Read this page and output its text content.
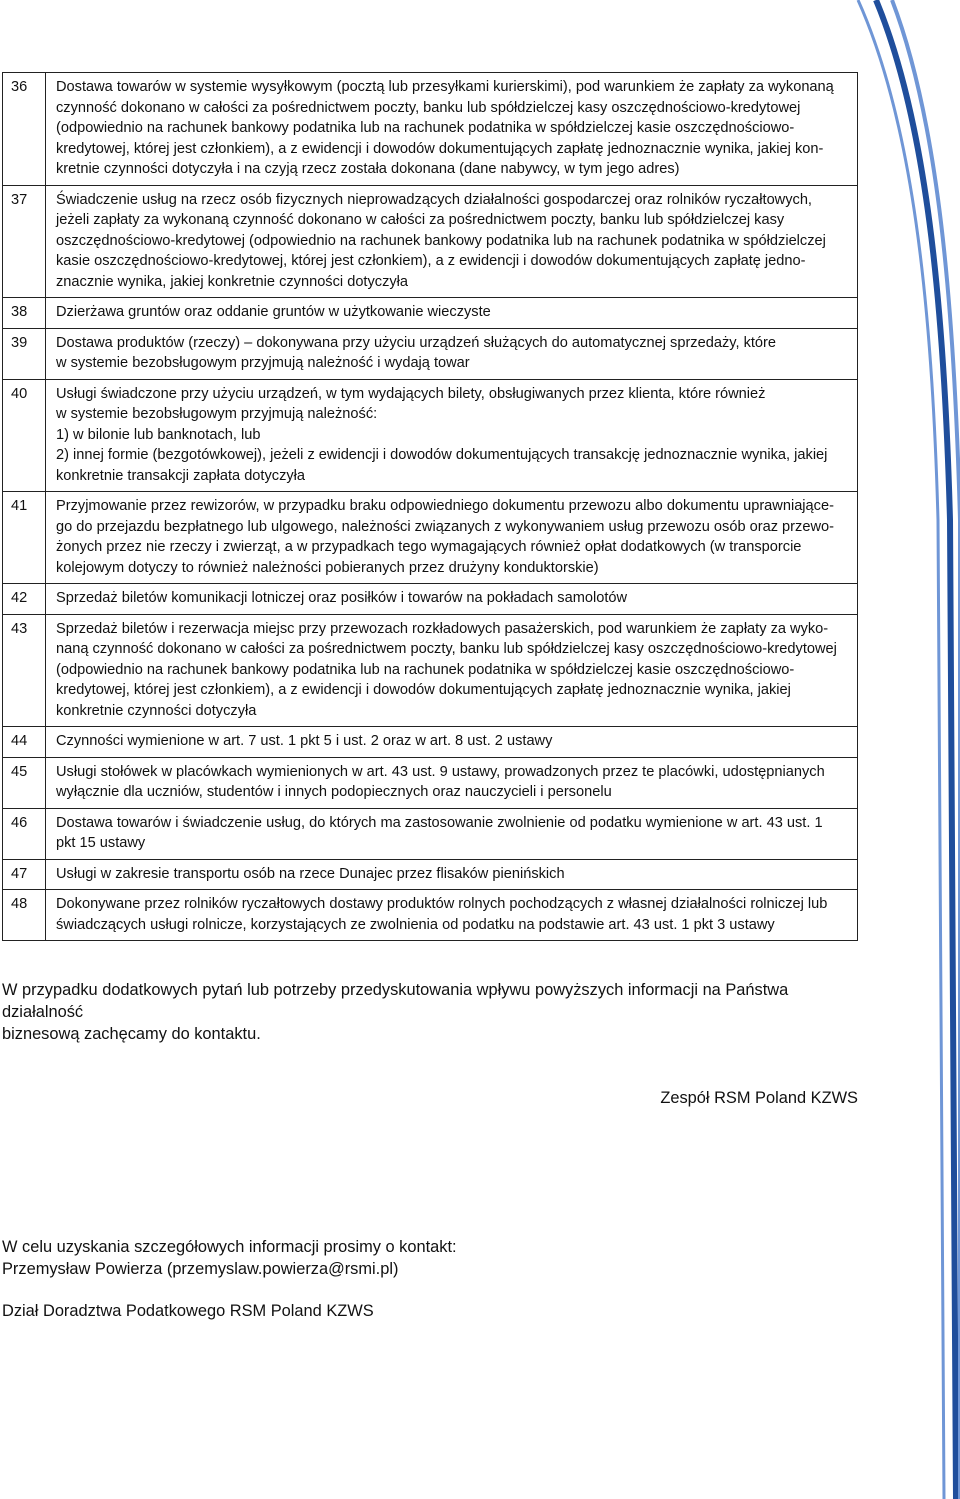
36	Dostawa towarów w systemie wysyłkowym (pocztą lub przesyłkami kurierskimi), pod warunkiem że zapłaty za wykonaną
czynność dokonano w całości za pośrednictwem poczty, banku lub spółdzielczej kasy oszczędnościowo-kredytowej
(odpowiednio na rachunek bankowy podatnika lub na rachunek podatnika w spółdzielczej kasie oszczędnościowo-
kredytowej, której jest członkiem), a z ewidencji i dowodów dokumentujących zapłatę jednoznacznie wynika, jakiej kon-
kretnie czynności dotyczyła i na czyją rzecz została dokonana (dane nabywcy, w tym jego adres)

37	Świadczenie usług na rzecz osób fizycznych nieprowadzących działalności gospodarczej oraz rolników ryczałtowych,
jeżeli zapłaty za wykonaną czynność dokonano w całości za pośrednictwem poczty, banku lub spółdzielczej kasy
oszczędnościowo-kredytowej (odpowiednio na rachunek bankowy podatnika lub na rachunek podatnika w spółdzielczej
kasie oszczędnościowo-kredytowej, której jest członkiem), a z ewidencji i dowodów dokumentujących zapłatę jedno-
znacznie wynika, jakiej konkretnie czynności dotyczyła

38	Dzierżawa gruntów oraz oddanie gruntów w użytkowanie wieczyste

39	Dostawa produktów (rzeczy) – dokonywana przy użyciu urządzeń służących do automatycznej sprzedaży, które
w systemie bezobsługowym przyjmują należność i wydają towar

40	Usługi świadczone przy użyciu urządzeń, w tym wydających bilety, obsługiwanych przez klienta, które również
w systemie bezobsługowym przyjmują należność:
1) w bilonie lub banknotach, lub
2) innej formie (bezgotówkowej), jeżeli z ewidencji i dowodów dokumentujących transakcję jednoznacznie wynika, jakiej
konkretnie transakcji zapłata dotyczyła

41	Przyjmowanie przez rewizorów, w przypadku braku odpowiedniego dokumentu przewozu albo dokumentu uprawniające-
go do przejazdu bezpłatnego lub ulgowego, należności związanych z wykonywaniem usług przewozu osób oraz przewo-
żonych przez nie rzeczy i zwierząt, a w przypadkach tego wymagających również opłat dodatkowych (w transporcie
kolejowym dotyczy to również należności pobieranych przez drużyny konduktorskie)

42	Sprzedaż biletów komunikacji lotniczej oraz posiłków i towarów na pokładach samolotów

43	Sprzedaż biletów i rezerwacja miejsc przy przewozach rozkładowych pasażerskich, pod warunkiem że zapłaty za wyko-
naną czynność dokonano w całości za pośrednictwem poczty, banku lub spółdzielczej kasy oszczędnościowo-kredytowej
(odpowiednio na rachunek bankowy podatnika lub na rachunek podatnika w spółdzielczej kasie oszczędnościowo-
kredytowej, której jest członkiem), a z ewidencji i dowodów dokumentujących zapłatę jednoznacznie wynika, jakiej
konkretnie czynności dotyczyła

44	Czynności wymienione w art. 7 ust. 1 pkt 5 i ust. 2 oraz w art. 8 ust. 2 ustawy

45	Usługi stołówek w placówkach wymienionych w art. 43 ust. 9 ustawy, prowadzonych przez te placówki, udostępnianych
wyłącznie dla uczniów, studentów i innych podopiecznych oraz nauczycieli i personelu

46	Dostawa towarów i świadczenie usług, do których ma zastosowanie zwolnienie od podatku wymienione w art. 43 ust. 1
pkt 15 ustawy

47	Usługi w zakresie transportu osób na rzece Dunajec przez flisaków pienińskich

48	Dokonywane przez rolników ryczałtowych dostawy produktów rolnych pochodzących z własnej działalności rolniczej lub
świadczących usługi rolnicze, korzystających ze zwolnienia od podatku na podstawie art. 43 ust. 1 pkt 3 ustawy

W przypadku dodatkowych pytań lub potrzeby przedyskutowania wpływu powyższych informacji na Państwa działalność
biznesową zachęcamy do kontaktu.

Zespół RSM Poland KZWS

W celu uzyskania szczegółowych informacji prosimy o kontakt:
Przemysław Powierza (przemyslaw.powierza@rsmi.pl)

Dział Doradztwa Podatkowego RSM Poland KZWS
